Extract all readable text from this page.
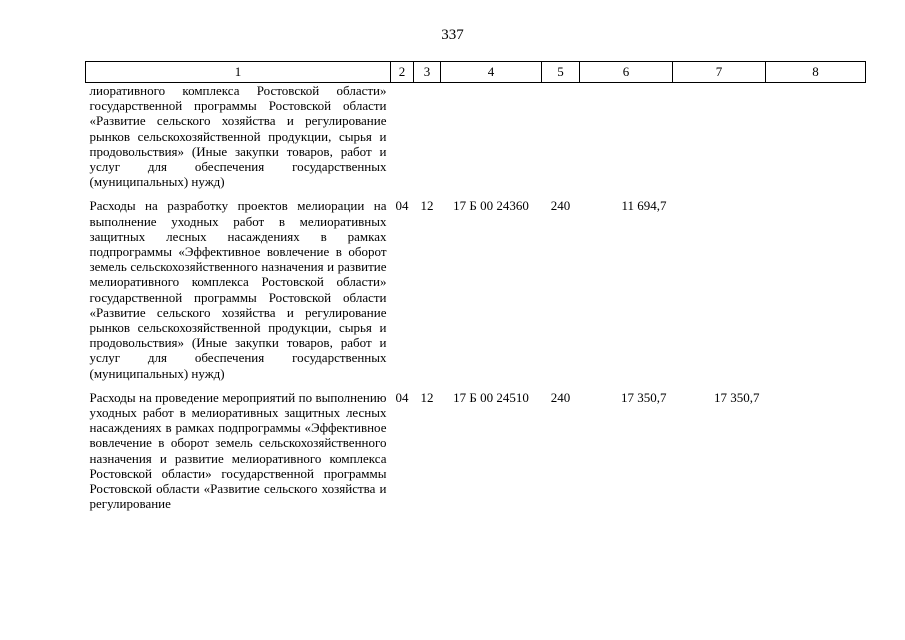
337
1	2	3	4	5	6	7	8

лиоративного комплекса Ростовской области» государственной программы Ростовской области «Развитие сельского хозяйства и регулирование рынков сельскохозяйственной продукции, сырья и продовольствия» (Иные закупки товаров, работ и услуг для обеспечения государственных (муниципальных) нужд)							

Расходы на разработку проектов мелиорации на выполнение уходных работ в мелиоративных защитных лесных насаждениях в рамках подпрограммы «Эффективное вовлечение в оборот земель сельскохозяйственного назначения и развитие мелиоративного комплекса Ростовской области» государственной программы Ростовской области «Развитие сельского хозяйства и регулирование рынков сельскохозяйственной продукции, сырья и продовольствия» (Иные закупки товаров, работ и услуг для обеспечения государственных (муниципальных) нужд)	04	12	17 Б 00 24360	240	11 694,7		

Расходы на проведение мероприятий по выполнению уходных работ в мелиоративных защитных лесных насаждениях в рамках подпрограммы «Эффективное вовлечение в оборот земель сельскохозяйственного назначения и развитие мелиоративного комплекса Ростовской области» государственной программы Ростовской области «Развитие сельского хозяйства и регулирование	04	12	17 Б 00 24510	240	17 350,7	17 350,7	
